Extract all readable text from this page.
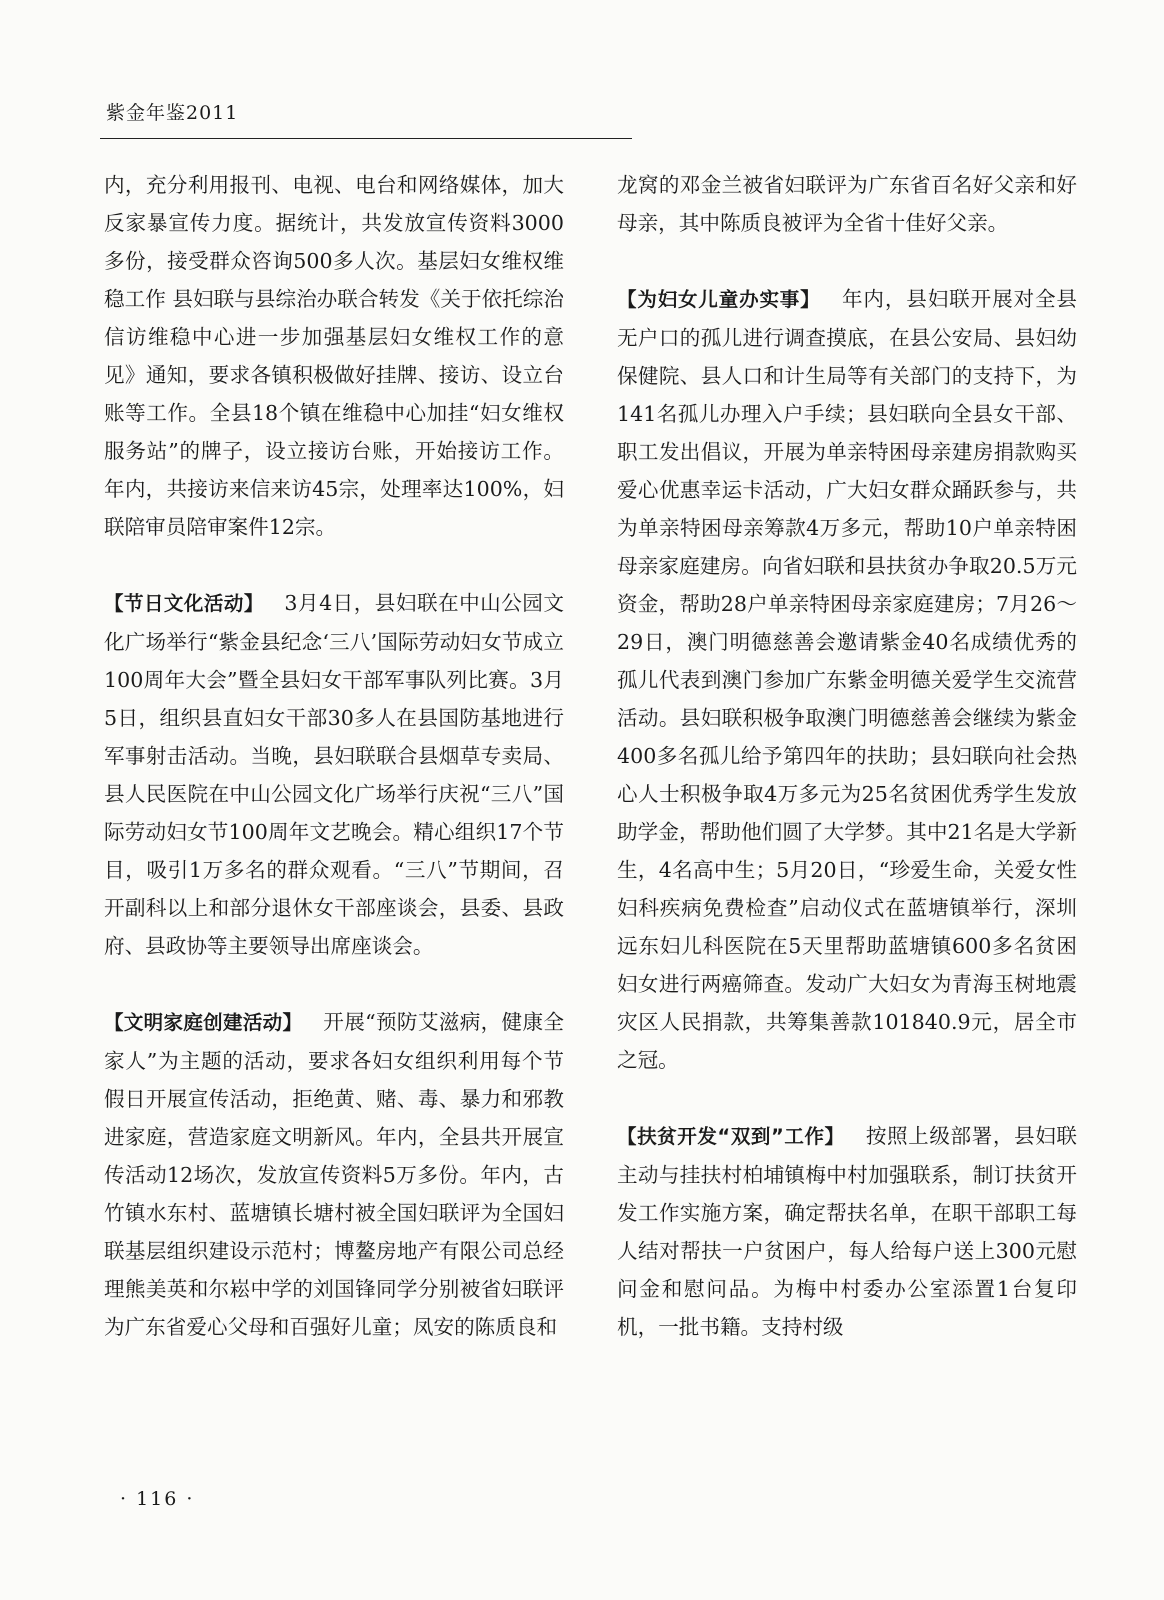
紫金年鉴2011

内，充分利用报刊、电视、电台和网络媒体，加大反家暴宣传力度。据统计，共发放宣传资料3000多份，接受群众咨询500多人次。基层妇女维权维稳工作 县妇联与县综治办联合转发《关于依托综治信访维稳中心进一步加强基层妇女维权工作的意见》通知，要求各镇积极做好挂牌、接访、设立台账等工作。全县18个镇在维稳中心加挂“妇女维权服务站”的牌子，设立接访台账，开始接访工作。年内，共接访来信来访45宗，处理率达100%，妇联陪审员陪审案件12宗。

【节日文化活动】  3月4日，县妇联在中山公园文化广场举行“紫金县纪念‘三八’国际劳动妇女节成立100周年大会”暨全县妇女干部军事队列比赛。3月5日，组织县直妇女干部30多人在县国防基地进行军事射击活动。当晚，县妇联联合县烟草专卖局、县人民医院在中山公园文化广场举行庆祝“三八”国际劳动妇女节100周年文艺晚会。精心组织17个节目，吸引1万多名的群众观看。“三八”节期间，召开副科以上和部分退休女干部座谈会，县委、县政府、县政协等主要领导出席座谈会。

【文明家庭创建活动】  开展“预防艾滋病，健康全家人”为主题的活动，要求各妇女组织利用每个节假日开展宣传活动，拒绝黄、赌、毒、暴力和邪教进家庭，营造家庭文明新风。年内，全县共开展宣传活动12场次，发放宣传资料5万多份。年内，古竹镇水东村、蓝塘镇长塘村被全国妇联评为全国妇联基层组织建设示范村；博鳌房地产有限公司总经理熊美英和尔崧中学的刘国锋同学分别被省妇联评为广东省爱心父母和百强好儿童；凤安的陈质良和

龙窝的邓金兰被省妇联评为广东省百名好父亲和好母亲，其中陈质良被评为全省十佳好父亲。

【为妇女儿童办实事】  年内，县妇联开展对全县无户口的孤儿进行调查摸底，在县公安局、县妇幼保健院、县人口和计生局等有关部门的支持下，为141名孤儿办理入户手续；县妇联向全县女干部、职工发出倡议，开展为单亲特困母亲建房捐款购买爱心优惠幸运卡活动，广大妇女群众踊跃参与，共为单亲特困母亲筹款4万多元，帮助10户单亲特困母亲家庭建房。向省妇联和县扶贫办争取20.5万元资金，帮助28户单亲特困母亲家庭建房；7月26～29日，澳门明德慈善会邀请紫金40名成绩优秀的孤儿代表到澳门参加广东紫金明德关爱学生交流营活动。县妇联积极争取澳门明德慈善会继续为紫金400多名孤儿给予第四年的扶助；县妇联向社会热心人士积极争取4万多元为25名贫困优秀学生发放助学金，帮助他们圆了大学梦。其中21名是大学新生，4名高中生；5月20日，“珍爱生命，关爱女性妇科疾病免费检查”启动仪式在蓝塘镇举行，深圳远东妇儿科医院在5天里帮助蓝塘镇600多名贫困妇女进行两癌筛查。发动广大妇女为青海玉树地震灾区人民捐款，共筹集善款101840.9元，居全市之冠。

【扶贫开发“双到”工作】  按照上级部署，县妇联主动与挂扶村柏埔镇梅中村加强联系，制订扶贫开发工作实施方案，确定帮扶名单，在职干部职工每人结对帮扶一户贫困户，每人给每户送上300元慰问金和慰问品。为梅中村委办公室添置1台复印机，一批书籍。支持村级

· 116 ·
